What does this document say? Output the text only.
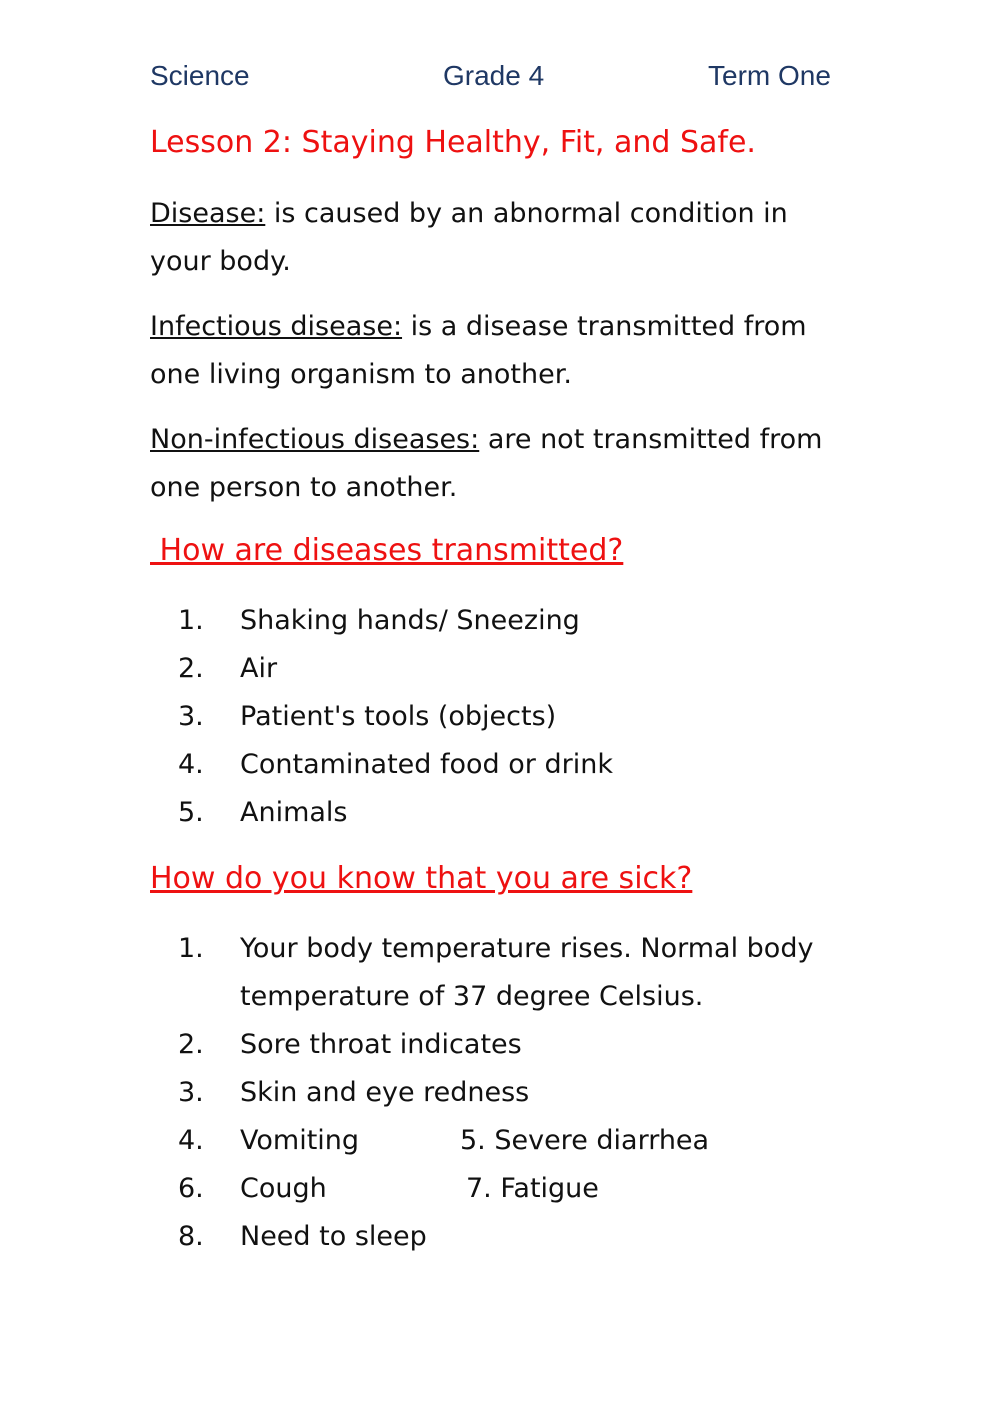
Science	Grade 4	Term One
Lesson 2: Staying Healthy, Fit, and Safe.
Disease: is caused by an abnormal condition in your body.
Infectious disease: is a disease transmitted from one living organism to another.
Non-infectious diseases: are not transmitted from one person to another.
How are diseases transmitted?
1. Shaking hands/ Sneezing
2. Air
3. Patient's tools (objects)
4. Contaminated food or drink
5. Animals
How do you know that you are sick?
1.	Your body temperature rises. Normal body
temperature of 37 degree Celsius.
2. Sore throat indicates
3. Skin and eye redness
4. Vomiting	5. Severe diarrhea
6. Cough	7. Fatigue
8. Need to sleep
